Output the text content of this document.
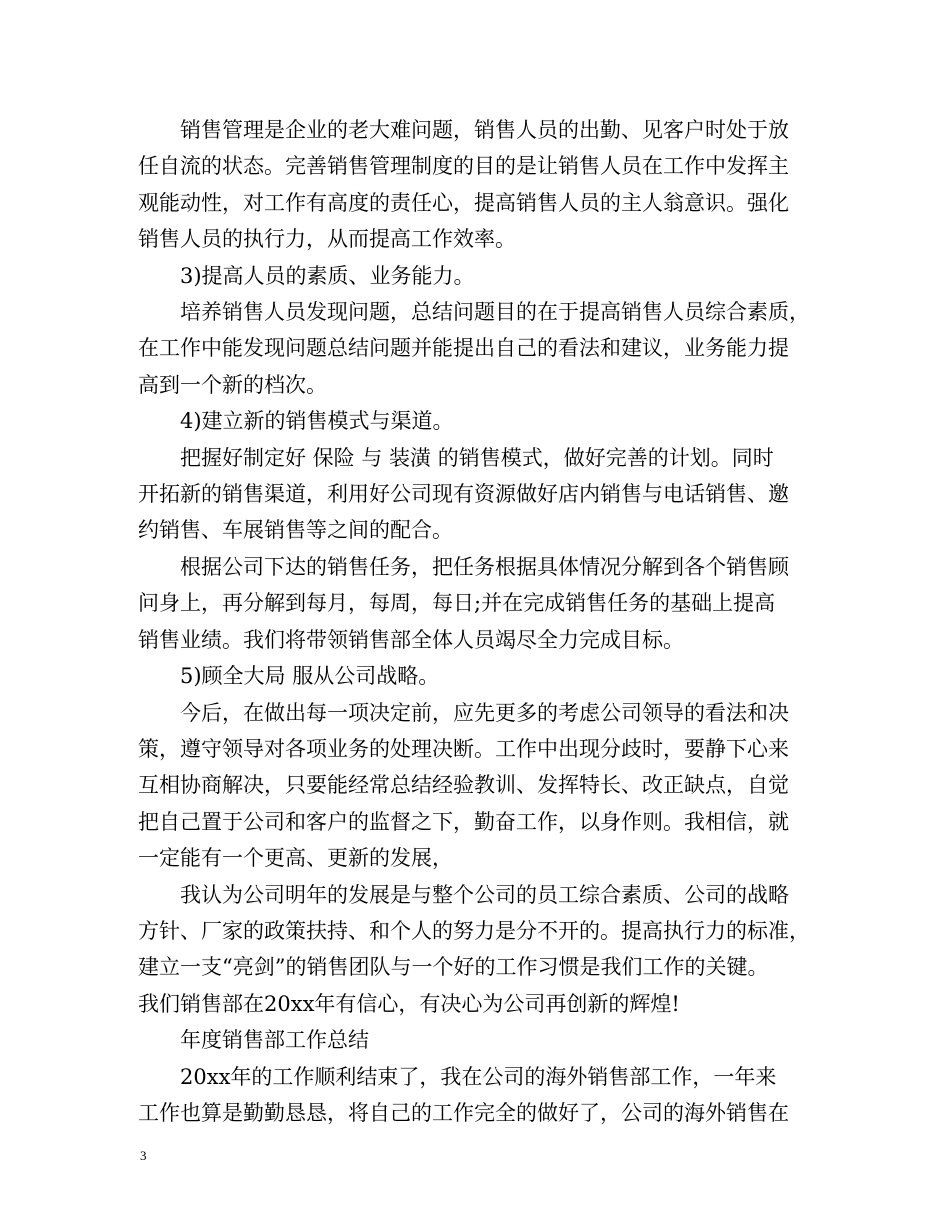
销售管理是企业的老大难问题，销售人员的出勤、见客户时处于放

任自流的状态。完善销售管理制度的目的是让销售人员在工作中发挥主

观能动性，对工作有高度的责任心，提高销售人员的主人翁意识。强化

销售人员的执行力，从而提高工作效率。

3)提高人员的素质、业务能力。

培养销售人员发现问题，总结问题目的在于提高销售人员综合素质，

在工作中能发现问题总结问题并能提出自己的看法和建议，业务能力提

高到一个新的档次。

4)建立新的销售模式与渠道。

把握好制定好 保险 与 装潢 的销售模式，做好完善的计划。同时

开拓新的销售渠道，利用好公司现有资源做好店内销售与电话销售、邀

约销售、车展销售等之间的配合。

根据公司下达的销售任务，把任务根据具体情况分解到各个销售顾

问身上，再分解到每月，每周，每日;并在完成销售任务的基础上提高

销售业绩。我们将带领销售部全体人员竭尽全力完成目标。

5)顾全大局 服从公司战略。

今后，在做出每一项决定前，应先更多的考虑公司领导的看法和决

策，遵守领导对各项业务的处理决断。工作中出现分歧时，要静下心来

互相协商解决，只要能经常总结经验教训、发挥特长、改正缺点，自觉

把自己置于公司和客户的监督之下，勤奋工作，以身作则。我相信，就

一定能有一个更高、更新的发展，

我认为公司明年的发展是与整个公司的员工综合素质、公司的战略

方针、厂家的政策扶持、和个人的努力是分不开的。提高执行力的标准，

建立一支“亮剑”的销售团队与一个好的工作习惯是我们工作的关键。

我们销售部在20xx年有信心，有决心为公司再创新的辉煌!

年度销售部工作总结

20xx年的工作顺利结束了，我在公司的海外销售部工作，一年来

工作也算是勤勤恳恳，将自己的工作完全的做好了，公司的海外销售在

3
